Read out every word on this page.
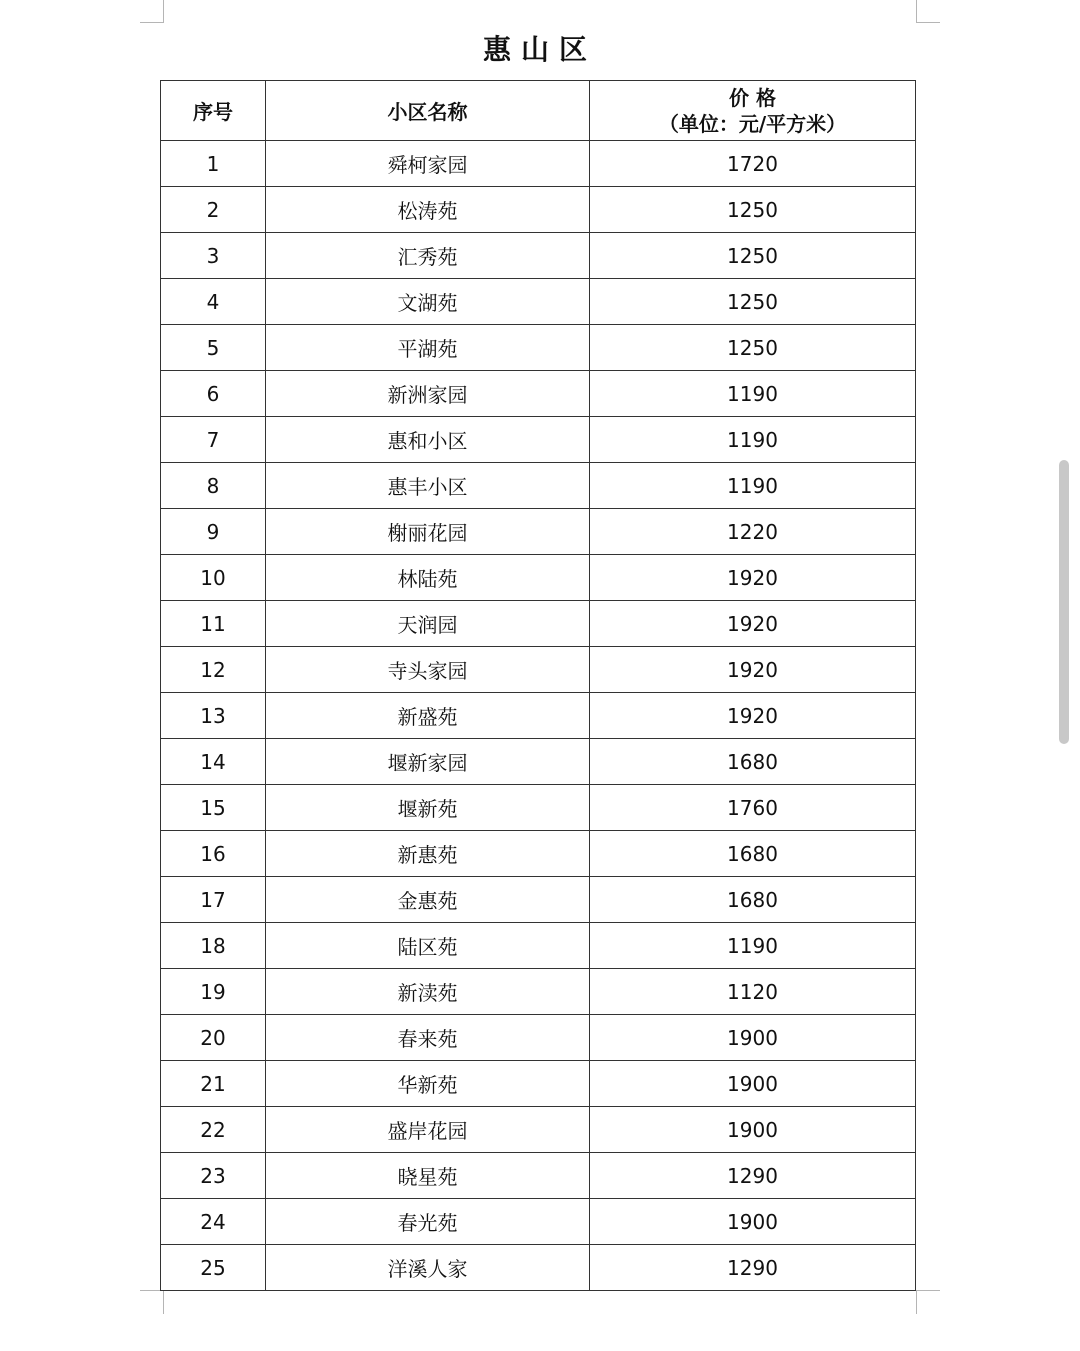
惠山区
序号	小区名称	价 格
（单位：元/平方米）

1	舜柯家园	1720
2	松涛苑	1250
3	汇秀苑	1250
4	文湖苑	1250
5	平湖苑	1250
6	新洲家园	1190
7	惠和小区	1190
8	惠丰小区	1190
9	榭丽花园	1220
10	林陆苑	1920
11	天润园	1920
12	寺头家园	1920
13	新盛苑	1920
14	堰新家园	1680
15	堰新苑	1760
16	新惠苑	1680
17	金惠苑	1680
18	陆区苑	1190
19	新渎苑	1120
20	春来苑	1900
21	华新苑	1900
22	盛岸花园	1900
23	晓星苑	1290
24	春光苑	1900
25	洋溪人家	1290
